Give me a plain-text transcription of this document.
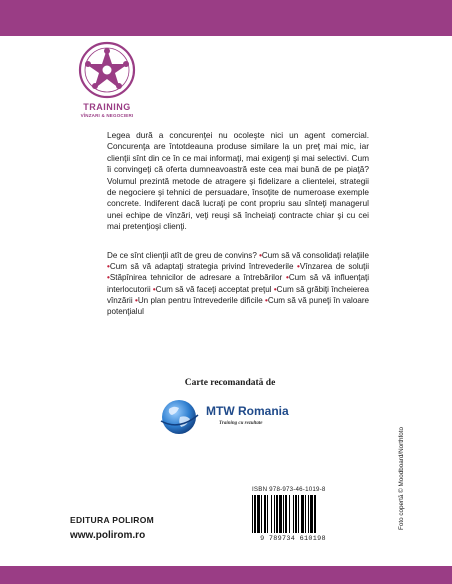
TRAINING
VÎNZARI & NEGOCIERI

Legea dură a concurenţei nu ocoleşte nici un agent comercial. Concurenţa are întotdeauna produse similare la un preţ mai mic, iar clienţii sînt din ce în ce mai informaţi, mai exigenţi şi mai selectivi. Cum îi convingeţi că oferta dumneavoastră este cea mai bună de pe piaţă? Volumul prezintă metode de atragere şi fidelizare a clientelei, strategii de negociere şi tehnici de persuadare, însoţite de numeroase exemple concrete. Indiferent dacă lucraţi pe cont propriu sau sînteţi managerul unei echipe de vînzări, veţi reuşi să încheiaţi contracte chiar şi cu cei mai pretenţioşi clienţi.

De ce sînt clienţii atît de greu de convins? •Cum să vă consolidaţi relaţiile •Cum să vă adaptaţi strategia privind întrevederile •Vînzarea de soluţii •Stăpînirea tehnicilor de adresare a întrebărilor •Cum să vă influenţaţi interlocutorii •Cum să vă faceţi acceptat preţul •Cum să grăbiţi încheierea vînzării •Un plan pentru întrevederile dificile •Cum să vă puneţi în valoare potenţialul

Carte recomandată de
MTW Romania
Training cu rezultate
Foto copertă © Moodboard/Northfoto
ISBN 978-973-46-1019-8
9 789734 610198
EDITURA POLIROM
www.polirom.ro
